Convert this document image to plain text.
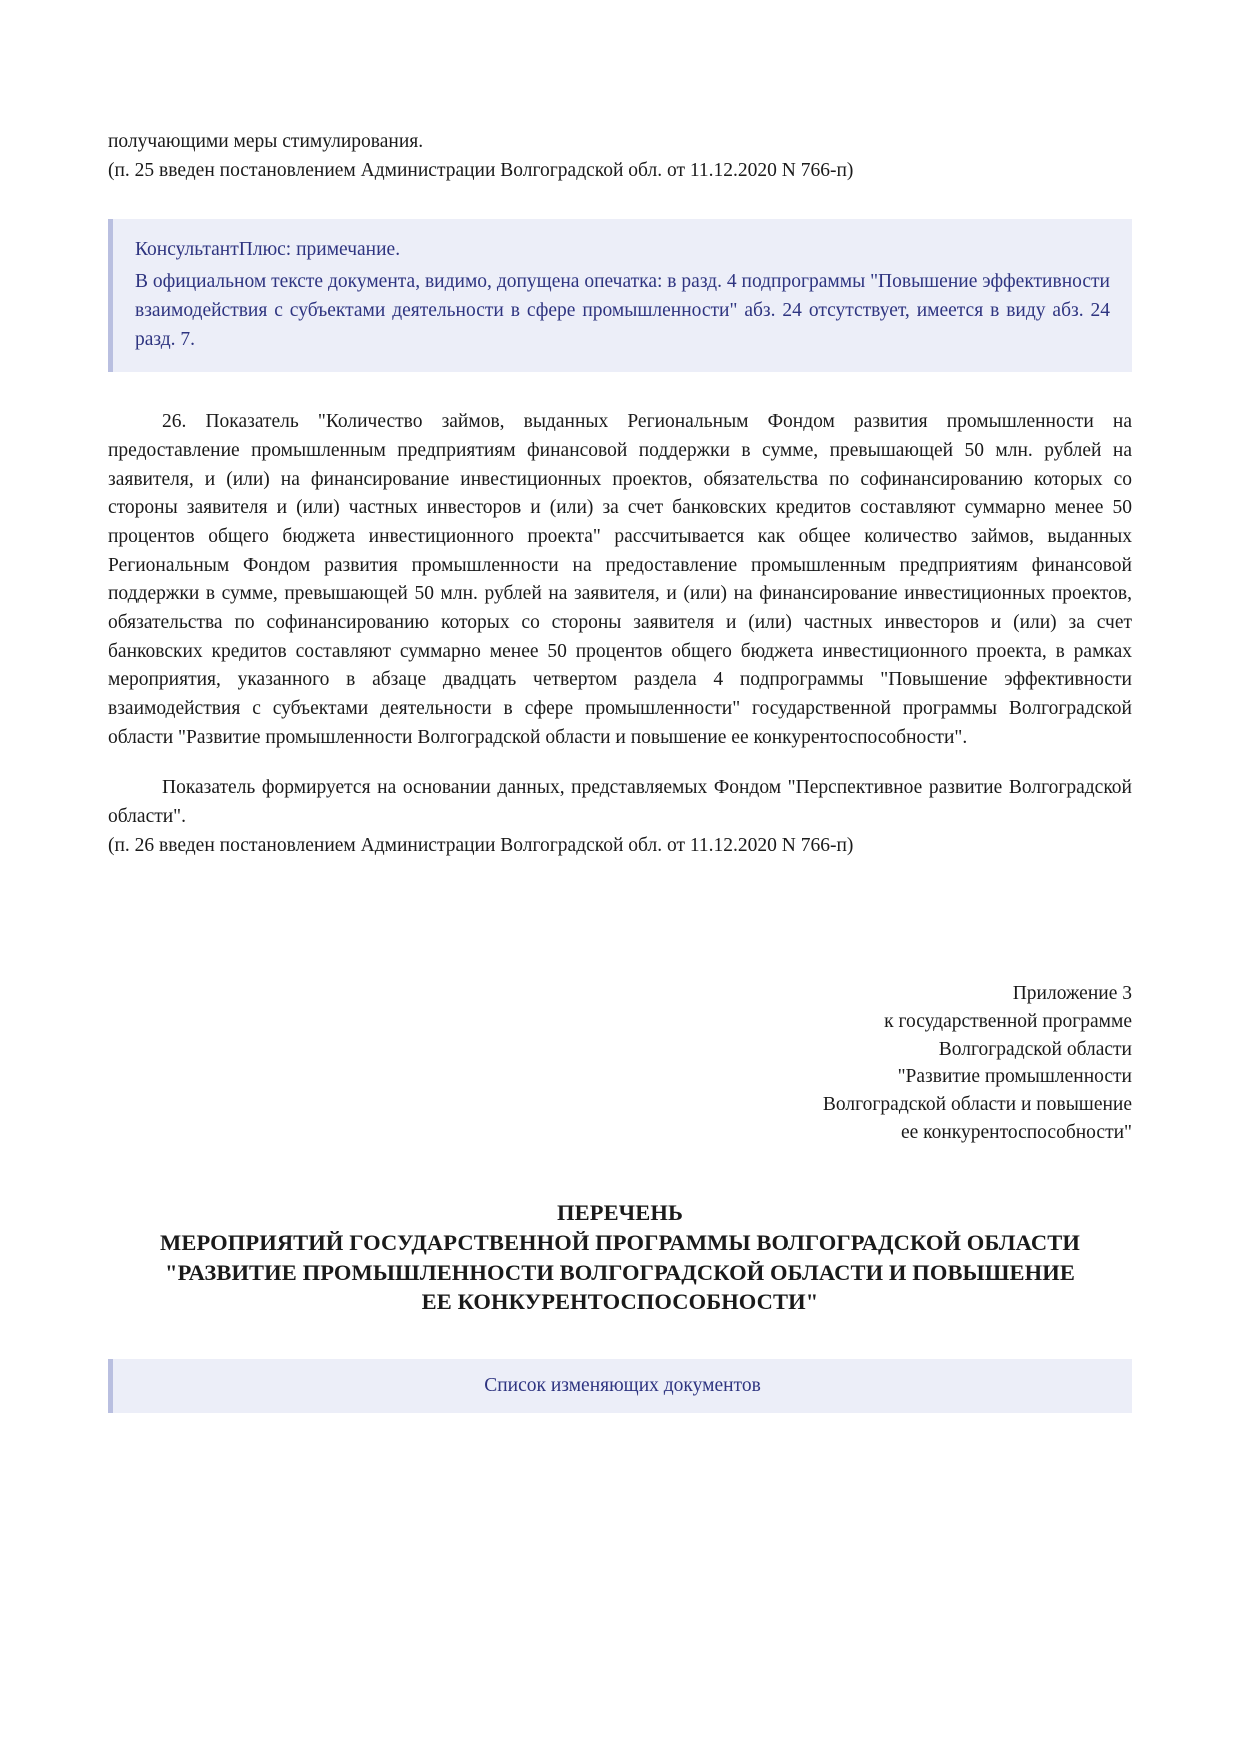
получающими меры стимулирования.

(п. 25 введен постановлением Администрации Волгоградской обл. от 11.12.2020 N 766-п)

КонсультантПлюс: примечание.

В официальном тексте документа, видимо, допущена опечатка: в разд. 4 подпрограммы "Повышение эффективности взаимодействия с субъектами деятельности в сфере промышленности" абз. 24 отсутствует, имеется в виду абз. 24 разд. 7.

26. Показатель "Количество займов, выданных Региональным Фондом развития промышленности на предоставление промышленным предприятиям финансовой поддержки в сумме, превышающей 50 млн. рублей на заявителя, и (или) на финансирование инвестиционных проектов, обязательства по софинансированию которых со стороны заявителя и (или) частных инвесторов и (или) за счет банковских кредитов составляют суммарно менее 50 процентов общего бюджета инвестиционного проекта" рассчитывается как общее количество займов, выданных Региональным Фондом развития промышленности на предоставление промышленным предприятиям финансовой поддержки в сумме, превышающей 50 млн. рублей на заявителя, и (или) на финансирование инвестиционных проектов, обязательства по софинансированию которых со стороны заявителя и (или) частных инвесторов и (или) за счет банковских кредитов составляют суммарно менее 50 процентов общего бюджета инвестиционного проекта, в рамках мероприятия, указанного в абзаце двадцать четвертом раздела 4 подпрограммы "Повышение эффективности взаимодействия с субъектами деятельности в сфере промышленности" государственной программы Волгоградской области "Развитие промышленности Волгоградской области и повышение ее конкурентоспособности".

Показатель формируется на основании данных, представляемых Фондом "Перспективное развитие Волгоградской области".

(п. 26 введен постановлением Администрации Волгоградской обл. от 11.12.2020 N 766-п)

Приложение 3
к государственной программе
Волгоградской области
"Развитие промышленности
Волгоградской области и повышение
ее конкурентоспособности"
ПЕРЕЧЕНЬ
МЕРОПРИЯТИЙ ГОСУДАРСТВЕННОЙ ПРОГРАММЫ ВОЛГОГРАДСКОЙ ОБЛАСТИ
"РАЗВИТИЕ ПРОМЫШЛЕННОСТИ ВОЛГОГРАДСКОЙ ОБЛАСТИ И ПОВЫШЕНИЕ
ЕЕ КОНКУРЕНТОСПОСОБНОСТИ"
Список изменяющих документов
